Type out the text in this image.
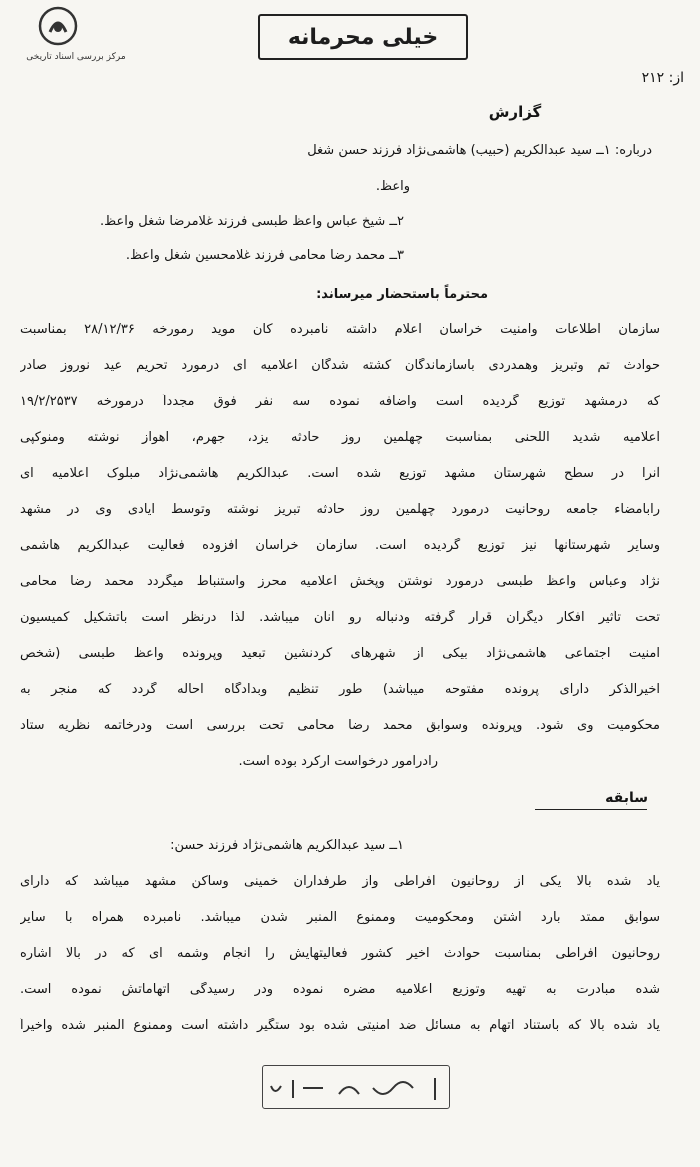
مرکز بررسی اسناد تاریخی
خیلی محرمانه
از: ۲۱۲
گزارش
درباره: ۱ــ سید عبدالکریم (حبیب) هاشمی‌نژاد فرزند حسن شغل
واعظ.
۲ــ شیخ عباس واعظ طبسی فرزند غلامرضا شغل واعظ.
۳ــ محمد رضا محامی فرزند غلامحسین شغل واعظ.
محترماً باستحضار میرساند:
سازمان اطلاعات وامنیت خراسان اعلام داشته نامبرده کان موید رمورخه ۲۸/۱۲/۳۶ بمناسبت
حوادث تم وتبریز وهمدردی باسازماندگان کشته شدگان اعلامیه ای درمورد تحریم عید نوروز صادر
که درمشهد توزیع گردیده است واضافه نموده سه نفر فوق مجدداً درمورخه ۱۹/۲/۲۵۳۷
اعلامیه شدید اللحنی بمناسبت چهلمین روز حادثه یزد، جهرم، اهواز نوشته ومنوکپی
آنرا در سطح شهرستان مشهد توزیع شده است. عبدالکریم هاشمی‌نژاد مبلوک اعلامیه ای
رابامضاء جامعه روحانیت درمورد چهلمین روز حادثه تبریز نوشته وتوسط ایادی وی در مشهد
وسایر شهرستانها نیز توزیع گردیده است. سازمان خراسان افزوده فعالیت عبدالکریم هاشمی
نژاد وعباس واعظ طبسی درمورد نوشتن وپخش اعلامیه محرز واستنباط میگردد محمد رضا محامی
تحت تأثیر افکار دیگران قرار گرفته ودنباله رو آنان میباشد. لذا درنظر است باتشکیل کمیسیون
امنیت اجتماعی هاشمی‌نژاد بیکی از شهرهای کردنشین تبعید وپرونده واعظ طبسی (شخص
اخیرالذکر دارای پرونده مفتوحه میباشد) طور تنظیم وبدادگاه احاله گردد که منجر به
محکومیت وی شود. وپرونده وسوابق محمد رضا محامی تحت بررسی است ودرخاتمه نظریه ستاد
رادرامور درخواست ارکرد بوده است.
سابقه
۱ــ سید عبدالکریم هاشمی‌نژاد فرزند حسن:
یاد شده بالا یکی از روحانیون افراطی واز طرفداران خمینی وساکن مشهد میباشد که دارای
سوابق ممتد بارد اشتن ومحکومیت وممنوع المنبر شدن میباشد. نامبرده همراه با سایر
روحانیون افراطی بمناسبت حوادث اخیر کشور فعالیتهایش را انجام وشمه ای که در بالا اشاره
شده مبادرت به تهیه وتوزیع اعلامیه مضره نموده ودر رسیدگی اتهاماتش نموده است.
یاد شده بالا که باستناد اتهام به مسائل ضد امنیتی شده بود ستگیر داشته است وممنوع المنبر شده واخیراً
